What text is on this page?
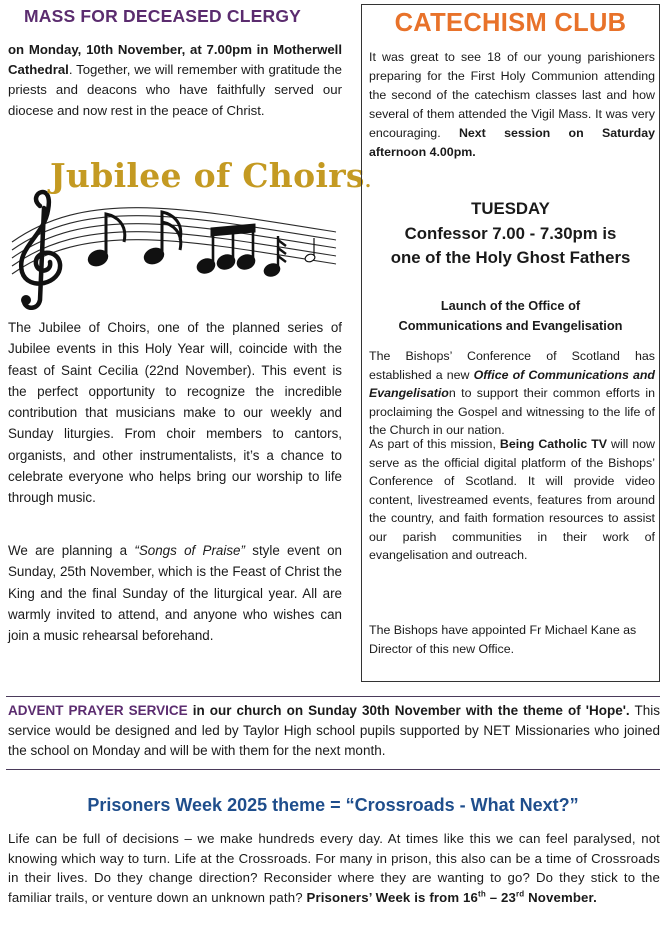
MASS FOR DECEASED CLERGY

on Monday, 10th November, at 7.00pm in Motherwell Cathedral. Together, we will remember with gratitude the priests and deacons who have faithfully served our diocese and now rest in the peace of Christ.

Jubilee of Choirs.

The Jubilee of Choirs, one of the planned series of Jubilee events in this Holy Year will, coincide with the feast of Saint Cecilia (22nd November). This event is the perfect opportunity to recognize the incredible contribution that musicians make to our weekly and Sunday liturgies. From choir members to cantors, organists, and other instrumentalists, it’s a chance to celebrate everyone who helps bring our worship to life through music.

We are planning a “Songs of Praise” style event on Sunday, 25th November, which is the Feast of Christ the King and the final Sunday of the liturgical year. All are warmly invited to attend, and anyone who wishes can join a music rehearsal beforehand.

CATECHISM CLUB

It was great to see 18 of our young parishioners preparing for the First Holy Communion attending the second of the catechism classes last and how several of them attended the Vigil Mass. It was very encouraging. Next session on Saturday afternoon 4.00pm.

TUESDAY
Confessor 7.00 - 7.30pm is
one of the Holy Ghost Fathers
Launch of the Office of
Communications and Evangelisation

The Bishops’ Conference of Scotland has established a new Office of Communications and Evangelisation to support their common efforts in proclaiming the Gospel and witnessing to the life of the Church in our nation.

As part of this mission, Being Catholic TV will now serve as the official digital platform of the Bishops’ Conference of Scotland. It will provide video content, livestreamed events, features from around the country, and faith formation resources to assist our parish communities in their work of evangelisation and outreach.

The Bishops have appointed Fr Michael Kane as Director of this new Office.

ADVENT PRAYER SERVICE in our church on Sunday 30th November with the theme of 'Hope'. This service would be designed and led by Taylor High school pupils supported by NET Missionaries who joined the school on Monday and will be with them for the next month.

Prisoners Week 2025 theme = “Crossroads - What Next?”

Life can be full of decisions – we make hundreds every day. At times like this we can feel paralysed, not knowing which way to turn. Life at the Crossroads. For many in prison, this also can be a time of Crossroads in their lives. Do they change direction? Reconsider where they are wanting to go? Do they stick to the familiar trails, or venture down an unknown path? Prisoners’ Week is from 16th – 23rd November.
